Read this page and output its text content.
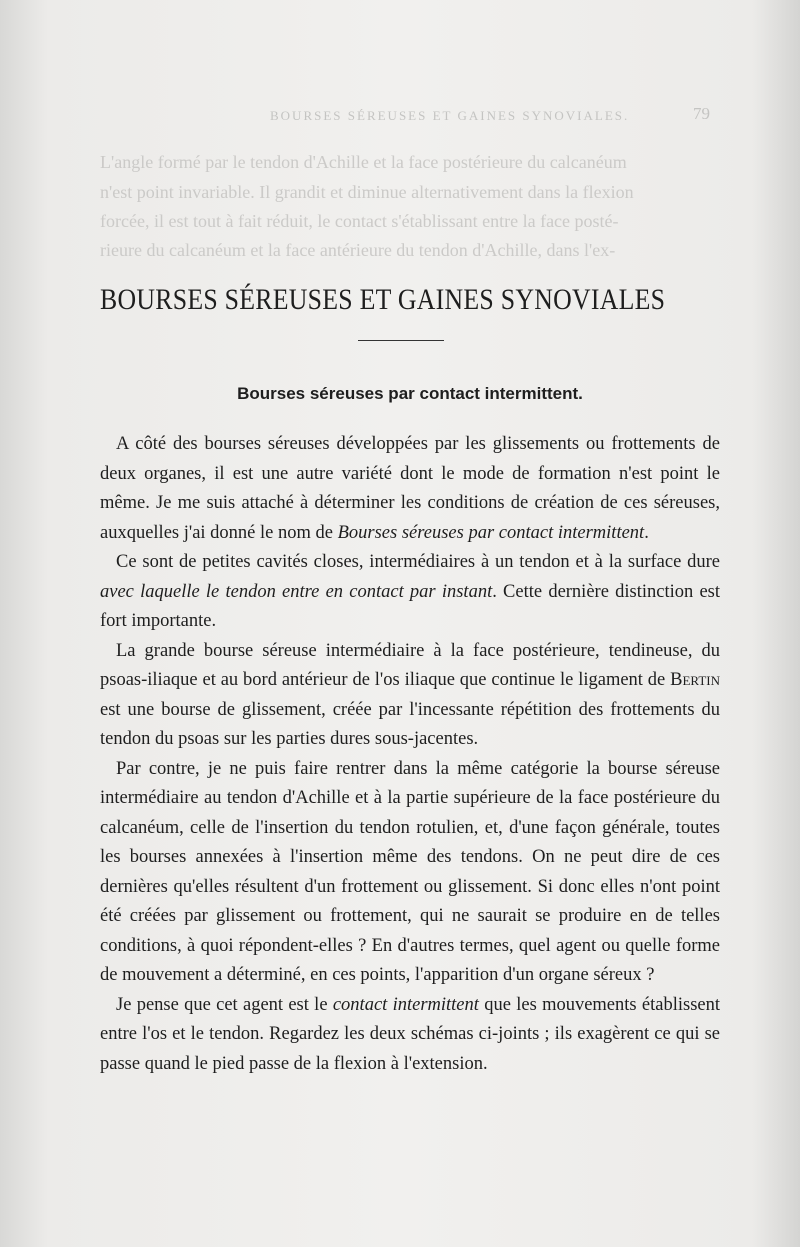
BOURSES SÉREUSES ET GAINES SYNOVIALES.	79
L'angle formé par le tendon d'Achille et la face postérieure du calcanéum
n'est point invariable. Il grandit et diminue alternativement dans la flexion
forcée, il est tout à fait réduit, le contact s'établissant entre la face posté-
rieure du calcanéum et la face antérieure du tendon d'Achille, dans l'ex-
BOURSES SÉREUSES ET GAINES SYNOVIALES
Bourses séreuses par contact intermittent.

A côté des bourses séreuses développées par les glissements ou frottements de deux organes, il est une autre variété dont le mode de formation n'est point le même. Je me suis attaché à déterminer les conditions de création de ces séreuses, auxquelles j'ai donné le nom de Bourses séreuses par contact intermittent.

Ce sont de petites cavités closes, intermédiaires à un tendon et à la surface dure avec laquelle le tendon entre en contact par instant. Cette dernière distinction est fort importante.

La grande bourse séreuse intermédiaire à la face postérieure, tendineuse, du psoas-iliaque et au bord antérieur de l'os iliaque que continue le ligament de Bertin est une bourse de glissement, créée par l'incessante répétition des frottements du tendon du psoas sur les parties dures sous-jacentes.

Par contre, je ne puis faire rentrer dans la même catégorie la bourse séreuse intermédiaire au tendon d'Achille et à la partie supérieure de la face postérieure du calcanéum, celle de l'insertion du tendon rotulien, et, d'une façon générale, toutes les bourses annexées à l'insertion même des tendons. On ne peut dire de ces dernières qu'elles résultent d'un frottement ou glissement. Si donc elles n'ont point été créées par glissement ou frottement, qui ne saurait se produire en de telles conditions, à quoi répondent-elles ? En d'autres termes, quel agent ou quelle forme de mouvement a déterminé, en ces points, l'apparition d'un organe séreux ?

Je pense que cet agent est le contact intermittent que les mouvements établissent entre l'os et le tendon. Regardez les deux schémas ci-joints ; ils exagèrent ce qui se passe quand le pied passe de la flexion à l'extension.
